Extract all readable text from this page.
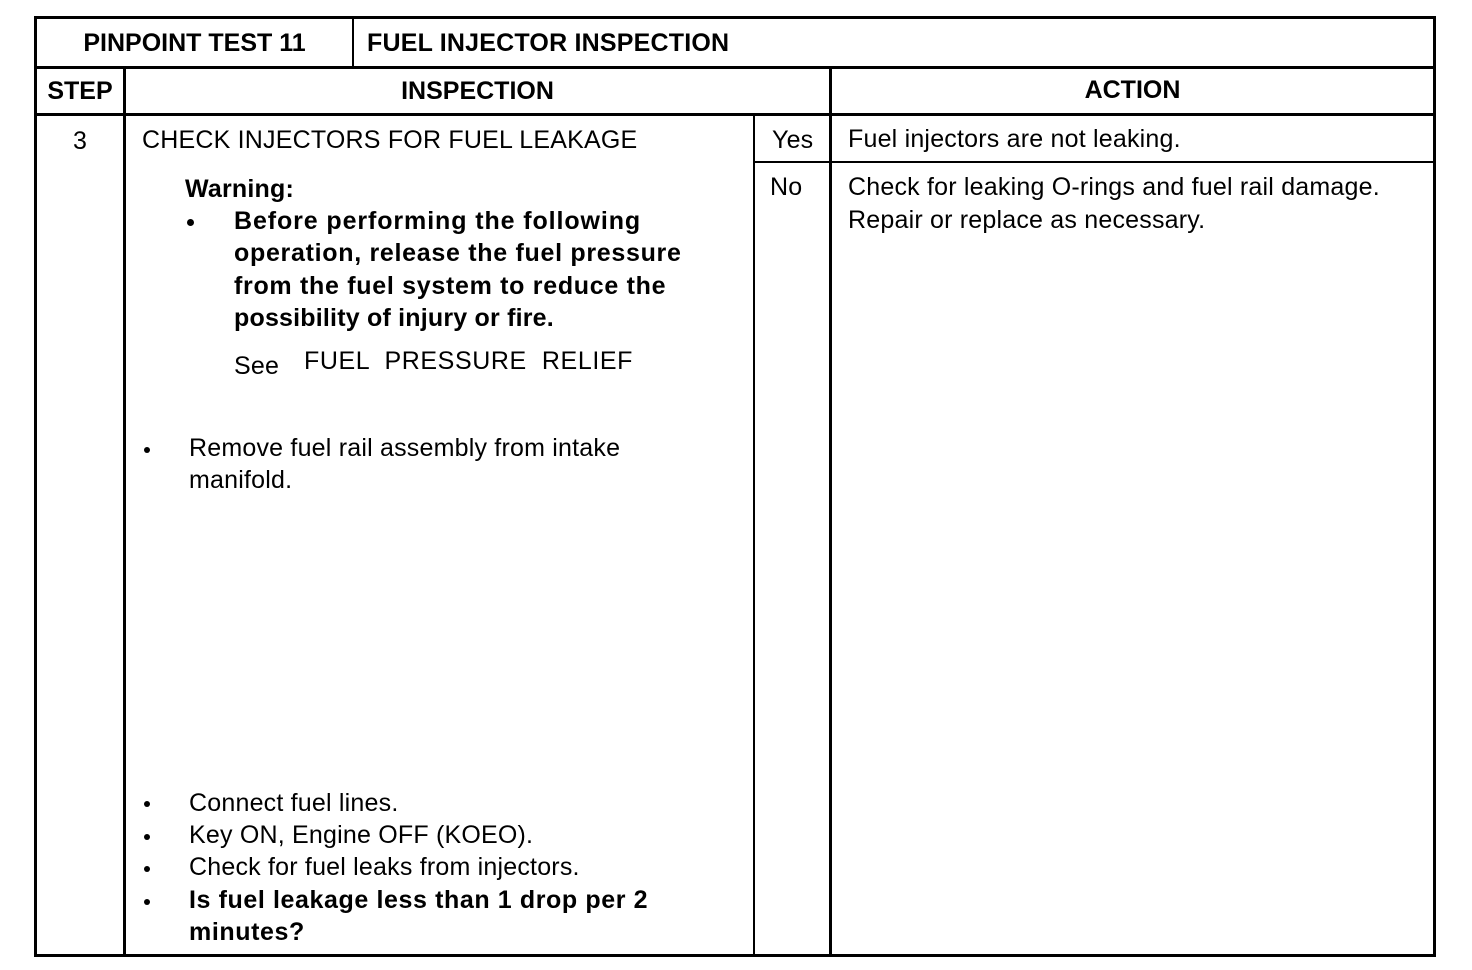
PINPOINT TEST 11	FUEL INJECTOR INSPECTION
STEP	INSPECTION	ACTION
3	CHECK INJECTORS FOR FUEL LEAKAGE
Warning:
Before performing the following
operation, release the fuel pressure
from the fuel system to reduce the
possibility of injury or fire.
See FUEL  PRESSURE  RELIEF
Remove fuel rail assembly from intake
manifold.
Connect fuel lines.
Key ON, Engine OFF (KOEO).
Check for fuel leaks from injectors.
Is fuel leakage less than 1 drop per 2
minutes?
Yes Fuel injectors are not leaking.
No Check for leaking O-rings and fuel rail damage.
Repair or replace as necessary.
